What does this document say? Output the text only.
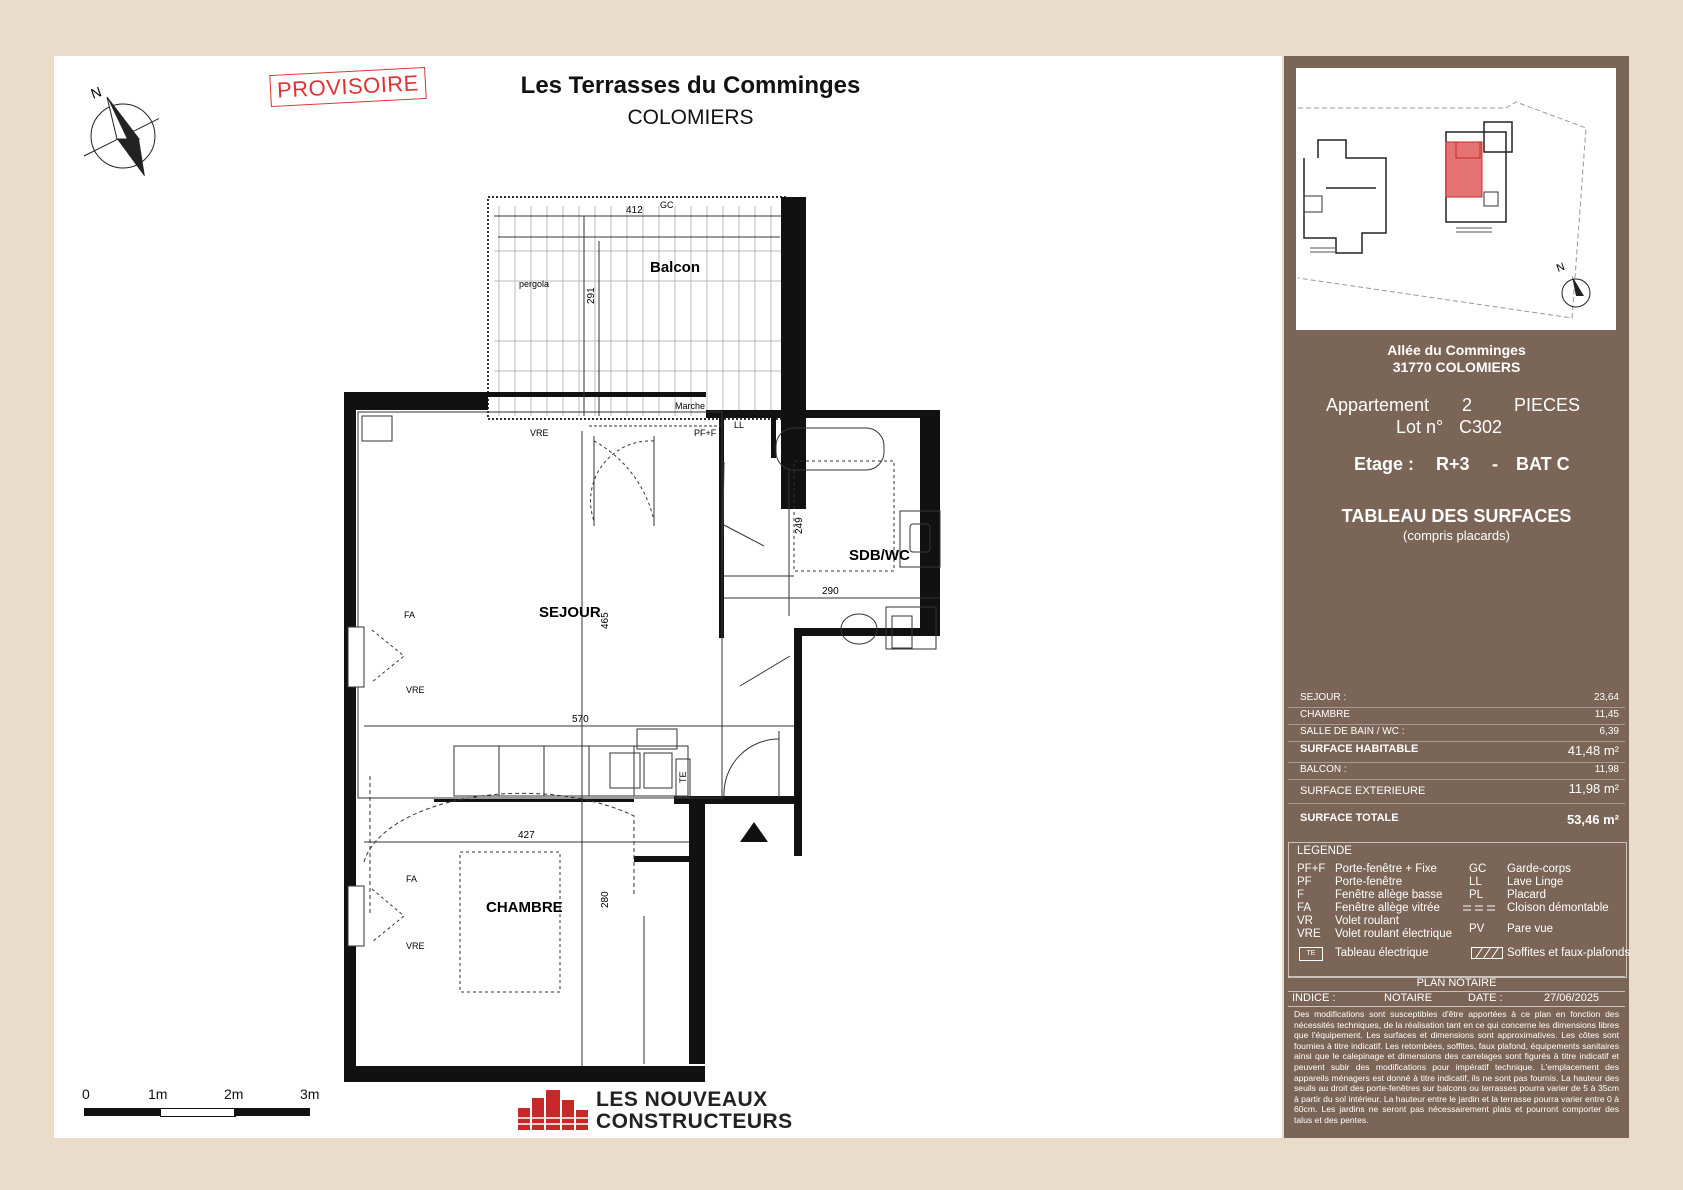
N	PROVISOIRE	Les Terrasses du Comminges
COLOMIERS
Balcon
SEJOUR
SDB/WC
CHAMBRE
GC
pergola
Marche
VRE	PF+F
LL
FA
VRE
FA
VRE
TE
412
291
249
290
465
570
427
280
0	1m	2m	3m	LES NOUVEAUX
CONSTRUCTEURS
N
Allée du Comminges
31770 COLOMIERS
Appartement 2 PIECES
Lot n° C302
Etage : R+3 - BAT C
TABLEAU DES SURFACES
(compris placards)
SEJOUR :	23,64
CHAMBRE	11,45
SALLE DE BAIN / WC :	6,39
SURFACE HABITABLE	41,48 m²
BALCON :	11,98
SURFACE EXTERIEURE	11,98 m²
SURFACE TOTALE	53,46 m²
LEGENDE
PF+F Porte-fenêtre + Fixe
PF Porte-fenêtre
F	Fenêtre allège basse
FA Fenêtre allège vitrée
VR Volet roulant
VRE Volet roulant électrique
GC Garde-corps
LL Lave Linge
PL Placard
Cloison démontable
PV Pare vue
TE	Tableau électrique	Soffites et faux-plafonds
PLAN NOTAIRE
INDICE :	NOTAIRE	DATE :	27/06/2025
Des modifications sont susceptibles d'être apportées à ce plan en fonction des nécessités techniques, de la réalisation tant en ce qui concerne les dimensions libres que l'équipement. Les surfaces et dimensions sont approximatives. Les côtes sont fournies à titre indicatif. Les retombées, soffites, faux plafond, équipements sanitaires ainsi que le calepinage et dimensions des carrelages sont figurés à titre indicatif et peuvent subir des modifications pour impératif technique. L'emplacement des appareils ménagers est donné à titre indicatif, ils ne sont pas fournis. La hauteur des seuils au droit des porte-fenêtres sur balcons ou terrasses pourra varier de 5 à 35cm à partir du sol intérieur. La hauteur entre le jardin et la terrasse pourra varier entre 0 à 60cm. Les jardins ne seront pas nécessairement plats et pourront comporter des talus et des pentes.
